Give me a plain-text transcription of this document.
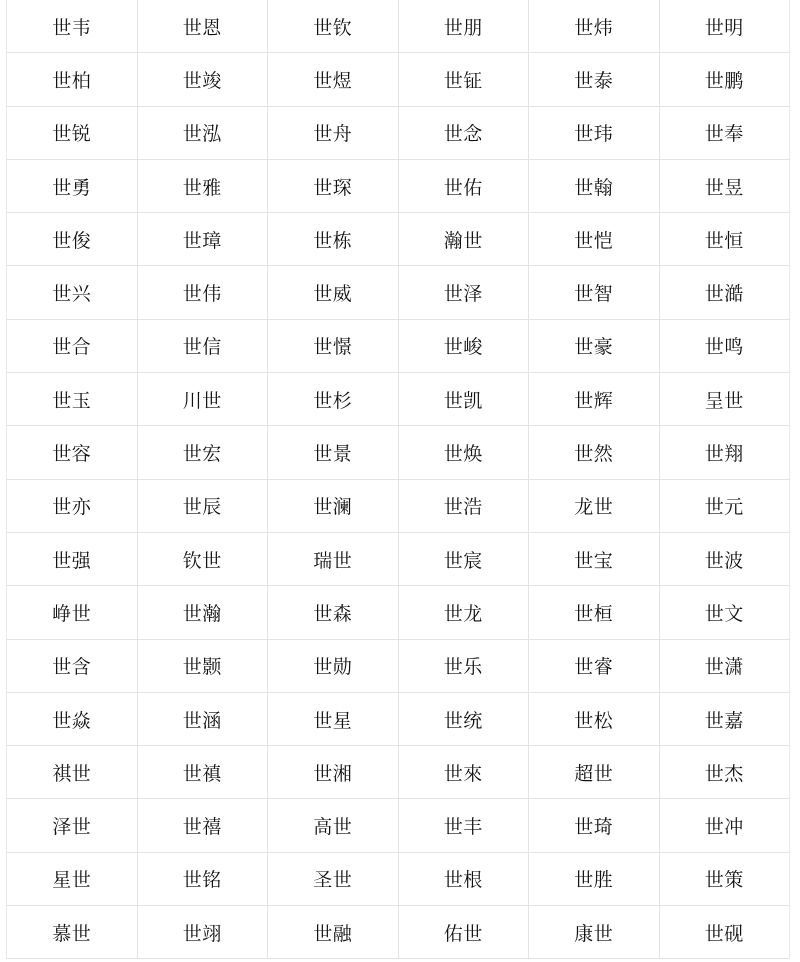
世韦	世恩	世钦	世朋	世炜	世明
世柏	世竣	世煜	世钲	世泰	世鹏
世锐	世泓	世舟	世念	世玮	世奉
世勇	世雅	世琛	世佑	世翰	世昱
世俊	世璋	世栋	瀚世	世恺	世恒
世兴	世伟	世威	世泽	世智	世澔
世合	世信	世憬	世峻	世豪	世鸣
世玉	川世	世杉	世凯	世辉	呈世
世容	世宏	世景	世焕	世然	世翔
世亦	世辰	世澜	世浩	龙世	世元
世强	钦世	瑞世	世宸	世宝	世波
峥世	世瀚	世森	世龙	世桓	世文
世含	世颢	世勋	世乐	世睿	世潇
世焱	世涵	世星	世统	世松	世嘉
祺世	世禛	世湘	世來	超世	世杰
泽世	世禧	高世	世丰	世琦	世冲
星世	世铭	圣世	世根	世胜	世策
慕世	世翊	世融	佑世	康世	世砚
